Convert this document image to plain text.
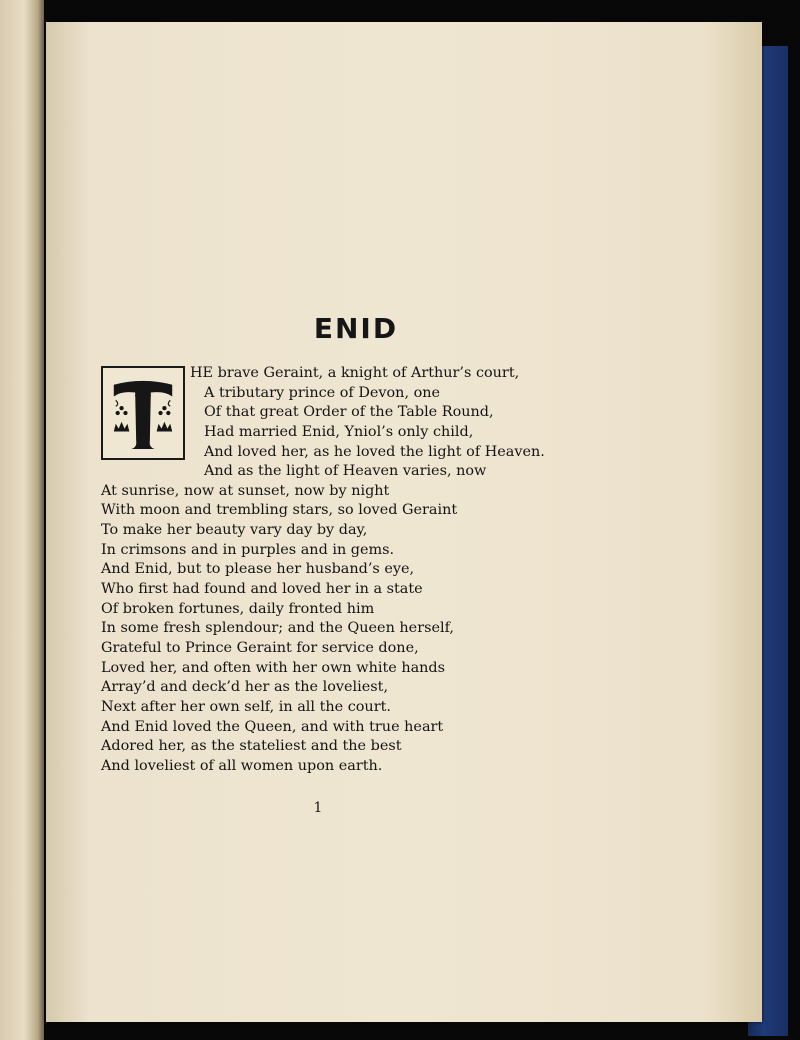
ENID
HE brave Geraint, a knight of Arthur’s court,
A tributary prince of Devon, one
Of that great Order of the Table Round,
Had married Enid, Yniol’s only child,
And loved her, as he loved the light of Heaven.
And as the light of Heaven varies, now
At sunrise, now at sunset, now by night
With moon and trembling stars, so loved Geraint
To make her beauty vary day by day,
In crimsons and in purples and in gems.
And Enid, but to please her husband’s eye,
Who first had found and loved her in a state
Of broken fortunes, daily fronted him
In some fresh splendour; and the Queen herself,
Grateful to Prince Geraint for service done,
Loved her, and often with her own white hands
Array’d and deck’d her as the loveliest,
Next after her own self, in all the court.
And Enid loved the Queen, and with true heart
Adored her, as the stateliest and the best
And loveliest of all women upon earth.
1
